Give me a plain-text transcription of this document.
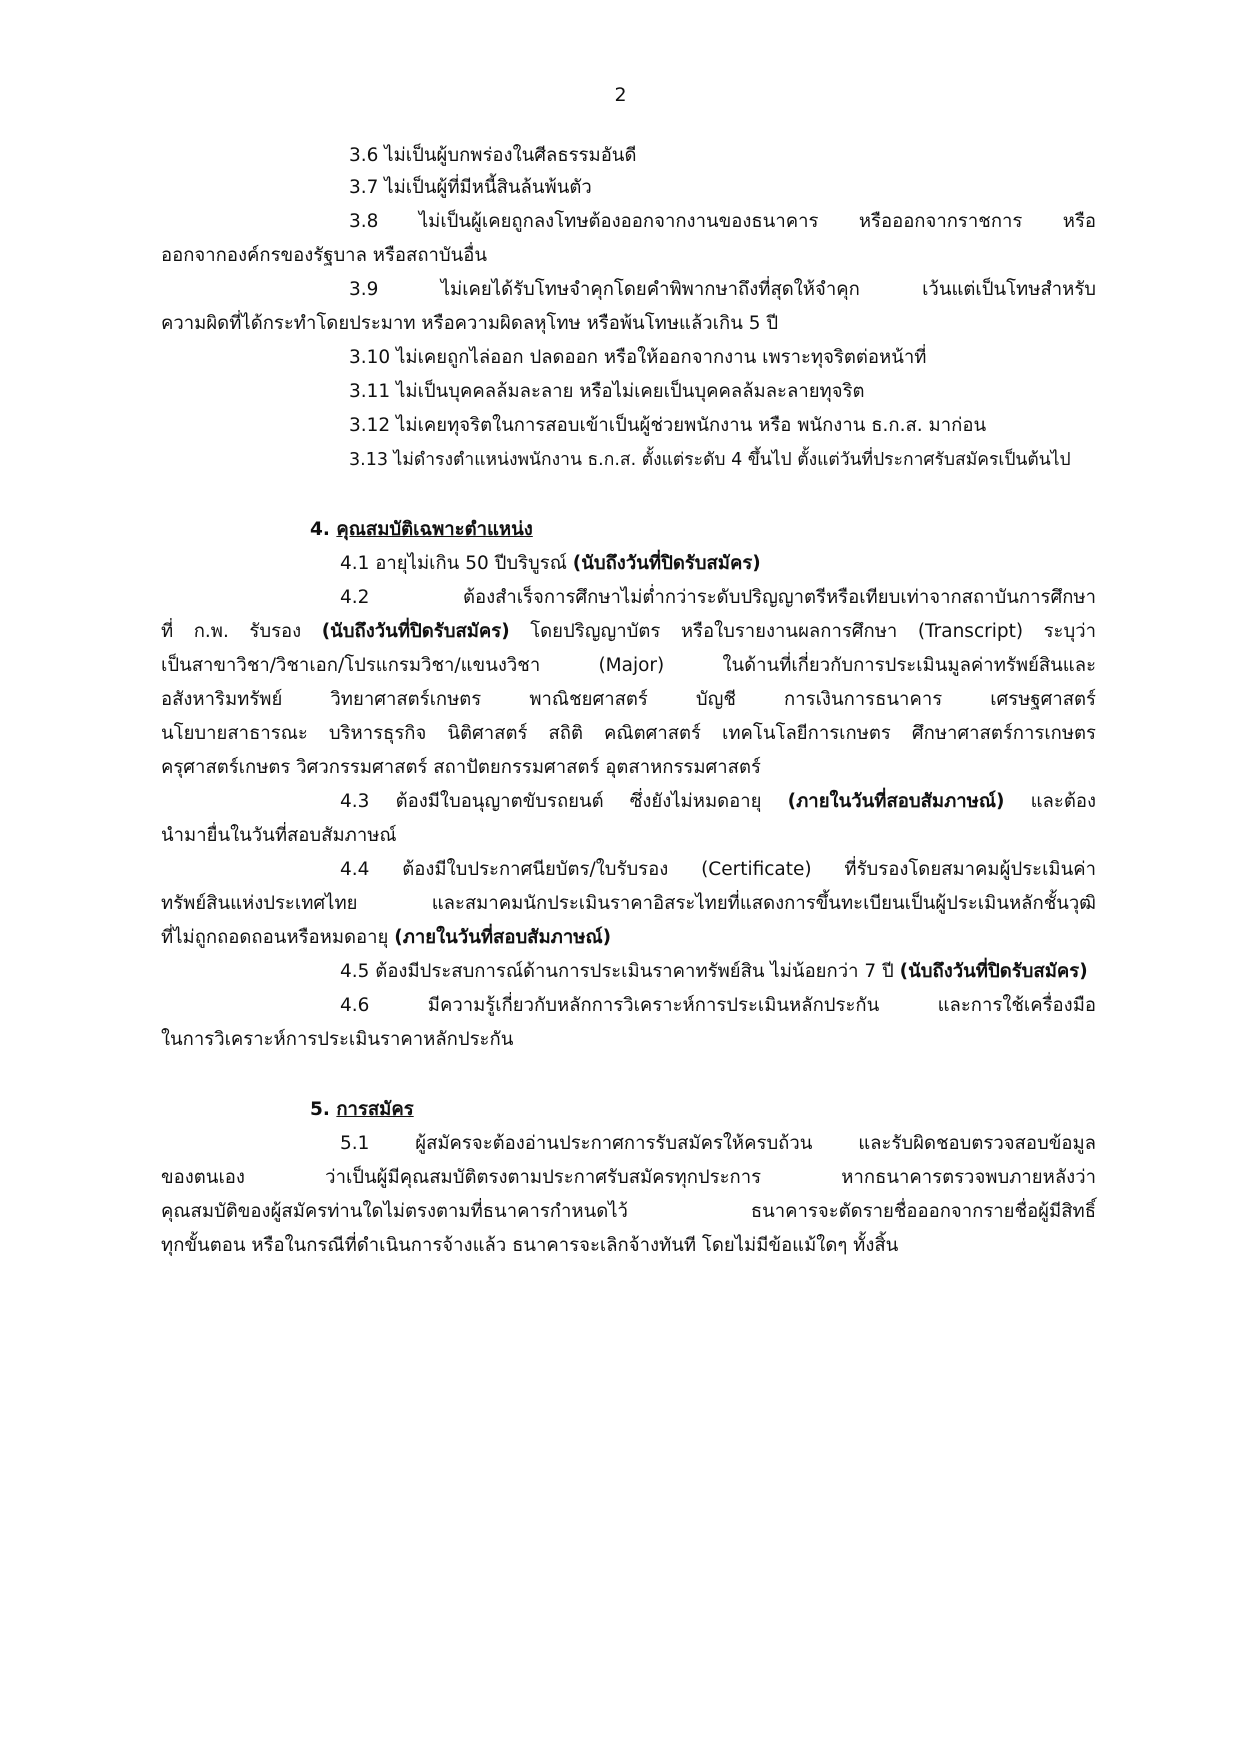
2
3.6 ไม่เป็นผู้บกพร่องในศีลธรรมอันดี
3.7 ไม่เป็นผู้ที่มีหนี้สินล้นพ้นตัว
3.8 ไม่เป็นผู้เคยถูกลงโทษต้องออกจากงานของธนาคาร หรือออกจากราชการ หรือ
ออกจากองค์กรของรัฐบาล หรือสถาบันอื่น
3.9 ไม่เคยได้รับโทษจำคุกโดยคำพิพากษาถึงที่สุดให้จำคุก เว้นแต่เป็นโทษสำหรับ
ความผิดที่ได้กระทำโดยประมาท หรือความผิดลหุโทษ หรือพ้นโทษแล้วเกิน 5 ปี
3.10 ไม่เคยถูกไล่ออก ปลดออก หรือให้ออกจากงาน เพราะทุจริตต่อหน้าที่
3.11 ไม่เป็นบุคคลล้มละลาย หรือไม่เคยเป็นบุคคลล้มละลายทุจริต
3.12 ไม่เคยทุจริตในการสอบเข้าเป็นผู้ช่วยพนักงาน หรือ พนักงาน ธ.ก.ส. มาก่อน
3.13 ไม่ดำรงตำแหน่งพนักงาน ธ.ก.ส. ตั้งแต่ระดับ 4 ขึ้นไป ตั้งแต่วันที่ประกาศรับสมัครเป็นต้นไป
4. คุณสมบัติเฉพาะตำแหน่ง
4.1 อายุไม่เกิน 50 ปีบริบูรณ์ (นับถึงวันที่ปิดรับสมัคร)
4.2 ต้องสำเร็จการศึกษาไม่ต่ำกว่าระดับปริญญาตรีหรือเทียบเท่าจากสถาบันการศึกษา
ที่ ก.พ. รับรอง (นับถึงวันที่ปิดรับสมัคร) โดยปริญญาบัตร หรือใบรายงานผลการศึกษา (Transcript) ระบุว่า
เป็นสาขาวิชา/วิชาเอก/โปรแกรมวิชา/แขนงวิชา (Major) ในด้านที่เกี่ยวกับการประเมินมูลค่าทรัพย์สินและ
อสังหาริมทรัพย์ วิทยาศาสตร์เกษตร พาณิชยศาสตร์ บัญชี การเงินการธนาคาร เศรษฐศาสตร์
นโยบายสาธารณะ บริหารธุรกิจ นิติศาสตร์ สถิติ คณิตศาสตร์ เทคโนโลยีการเกษตร ศึกษาศาสตร์การเกษตร
ครุศาสตร์เกษตร วิศวกรรมศาสตร์ สถาปัตยกรรมศาสตร์ อุตสาหกรรมศาสตร์
4.3 ต้องมีใบอนุญาตขับรถยนต์ ซึ่งยังไม่หมดอายุ (ภายในวันที่สอบสัมภาษณ์) และต้อง
นำมายื่นในวันที่สอบสัมภาษณ์
4.4 ต้องมีใบประกาศนียบัตร/ใบรับรอง (Certificate) ที่รับรองโดยสมาคมผู้ประเมินค่า
ทรัพย์สินแห่งประเทศไทย และสมาคมนักประเมินราคาอิสระไทยที่แสดงการขึ้นทะเบียนเป็นผู้ประเมินหลักชั้นวุฒิ
ที่ไม่ถูกถอดถอนหรือหมดอายุ (ภายในวันที่สอบสัมภาษณ์)
4.5 ต้องมีประสบการณ์ด้านการประเมินราคาทรัพย์สิน ไม่น้อยกว่า 7 ปี (นับถึงวันที่ปิดรับสมัคร)
4.6 มีความรู้เกี่ยวกับหลักการวิเคราะห์การประเมินหลักประกัน และการใช้เครื่องมือ
ในการวิเคราะห์การประเมินราคาหลักประกัน
5. การสมัคร
5.1 ผู้สมัครจะต้องอ่านประกาศการรับสมัครให้ครบถ้วน และรับผิดชอบตรวจสอบข้อมูล
ของตนเอง ว่าเป็นผู้มีคุณสมบัติตรงตามประกาศรับสมัครทุกประการ หากธนาคารตรวจพบภายหลังว่า
คุณสมบัติของผู้สมัครท่านใดไม่ตรงตามที่ธนาคารกำหนดไว้ ธนาคารจะตัดรายชื่อออกจากรายชื่อผู้มีสิทธิ์
ทุกขั้นตอน หรือในกรณีที่ดำเนินการจ้างแล้ว ธนาคารจะเลิกจ้างทันที โดยไม่มีข้อแม้ใดๆ ทั้งสิ้น
